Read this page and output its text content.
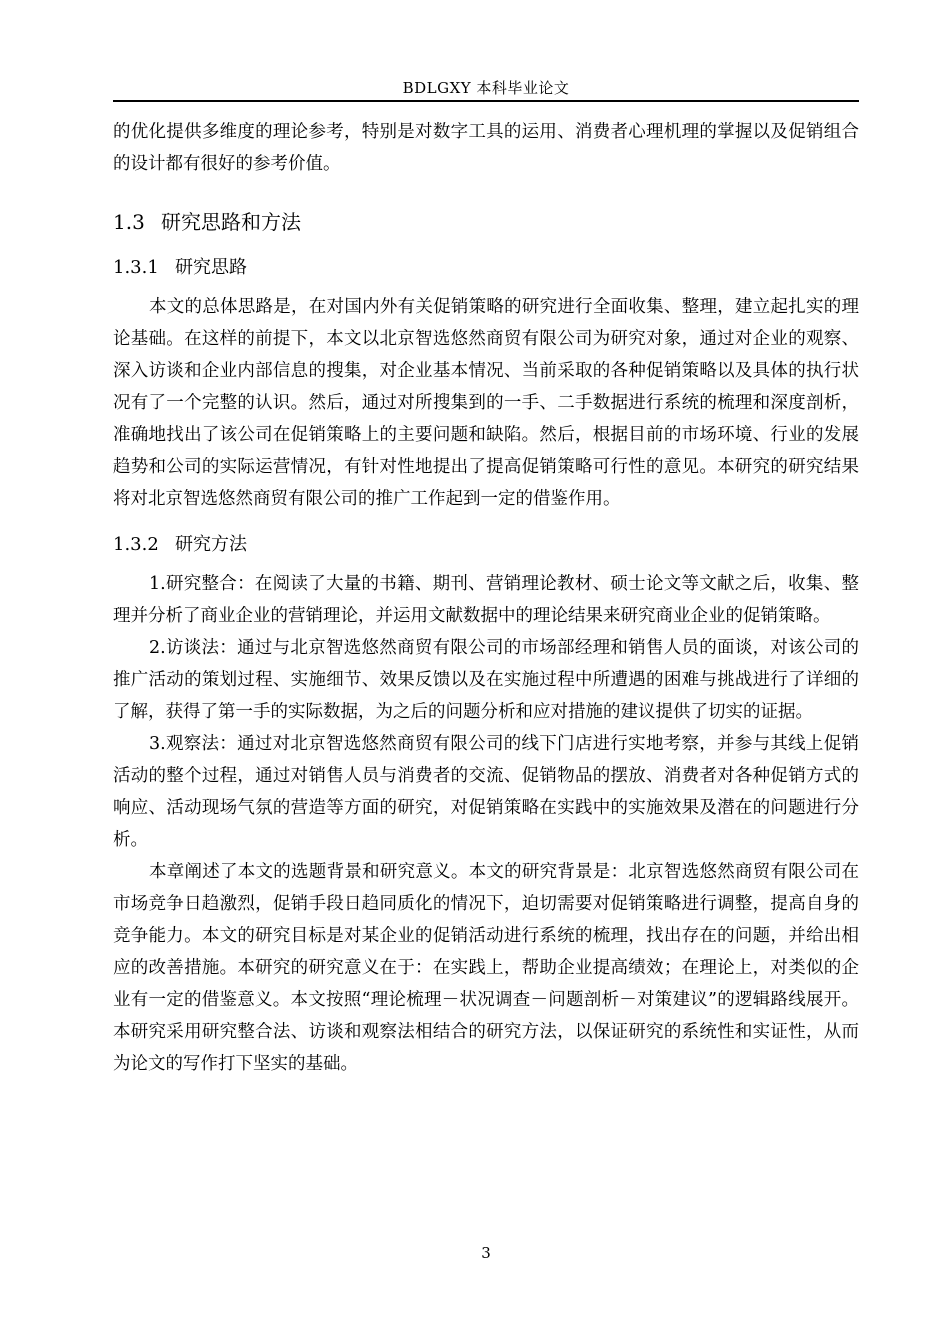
BDLGXY 本科毕业论文

的优化提供多维度的理论参考，特别是对数字工具的运用、消费者心理机理的掌握以及促销组合的设计都有很好的参考价值。

1.3 研究思路和方法
1.3.1 研究思路

本文的总体思路是，在对国内外有关促销策略的研究进行全面收集、整理，建立起扎实的理论基础。在这样的前提下，本文以北京智选悠然商贸有限公司为研究对象，通过对企业的观察、深入访谈和企业内部信息的搜集，对企业基本情况、当前采取的各种促销策略以及具体的执行状况有了一个完整的认识。然后，通过对所搜集到的一手、二手数据进行系统的梳理和深度剖析，准确地找出了该公司在促销策略上的主要问题和缺陷。然后，根据目前的市场环境、行业的发展趋势和公司的实际运营情况，有针对性地提出了提高促销策略可行性的意见。本研究的研究结果将对北京智选悠然商贸有限公司的推广工作起到一定的借鉴作用。

1.3.2 研究方法

1.研究整合：在阅读了大量的书籍、期刊、营销理论教材、硕士论文等文献之后，收集、整理并分析了商业企业的营销理论，并运用文献数据中的理论结果来研究商业企业的促销策略。

2.访谈法：通过与北京智选悠然商贸有限公司的市场部经理和销售人员的面谈，对该公司的推广活动的策划过程、实施细节、效果反馈以及在实施过程中所遭遇的困难与挑战进行了详细的了解，获得了第一手的实际数据，为之后的问题分析和应对措施的建议提供了切实的证据。

3.观察法：通过对北京智选悠然商贸有限公司的线下门店进行实地考察，并参与其线上促销活动的整个过程，通过对销售人员与消费者的交流、促销物品的摆放、消费者对各种促销方式的响应、活动现场气氛的营造等方面的研究，对促销策略在实践中的实施效果及潜在的问题进行分析。

本章阐述了本文的选题背景和研究意义。本文的研究背景是：北京智选悠然商贸有限公司在市场竞争日趋激烈，促销手段日趋同质化的情况下，迫切需要对促销策略进行调整，提高自身的竞争能力。本文的研究目标是对某企业的促销活动进行系统的梳理，找出存在的问题，并给出相应的改善措施。本研究的研究意义在于：在实践上，帮助企业提高绩效；在理论上，对类似的企业有一定的借鉴意义。本文按照“理论梳理－状况调查－问题剖析－对策建议”的逻辑路线展开。本研究采用研究整合法、访谈和观察法相结合的研究方法，以保证研究的系统性和实证性，从而为论文的写作打下坚实的基础。

3
